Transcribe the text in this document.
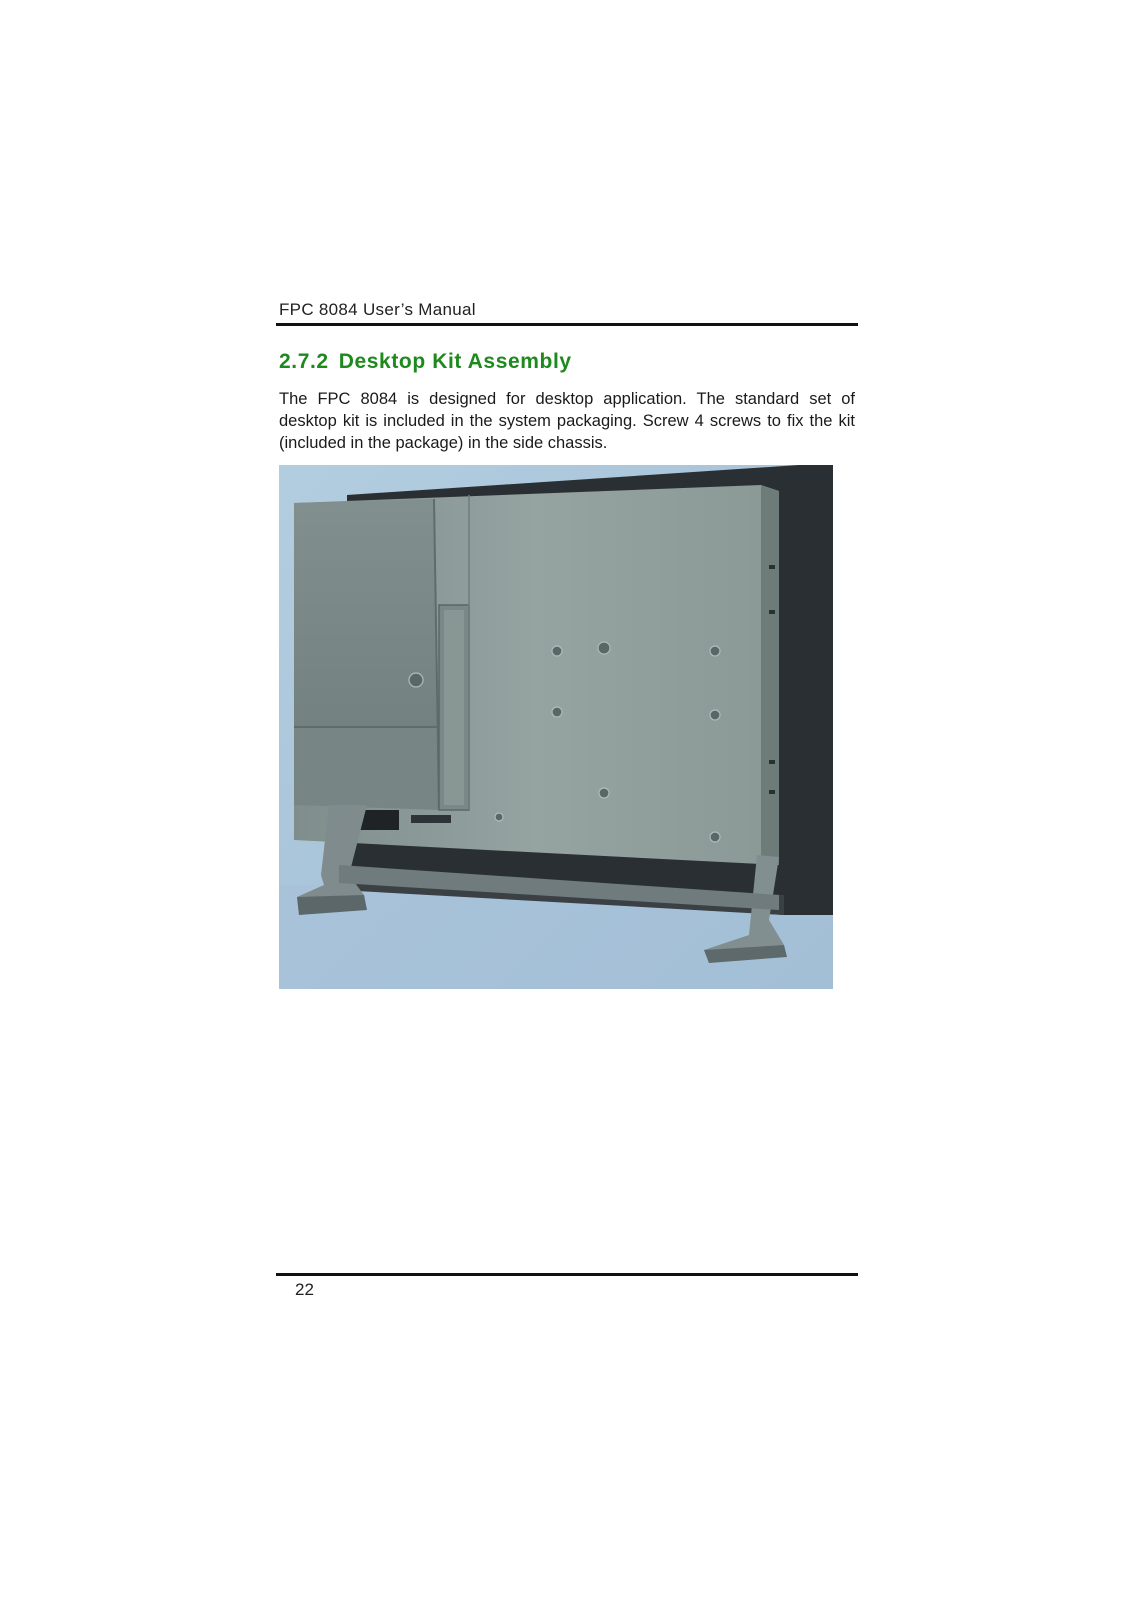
FPC 8084 User’s Manual
2.7.2 Desktop Kit Assembly

The FPC 8084 is designed for desktop application. The standard set of desktop kit is included in the system packaging. Screw 4 screws to fix the kit (included in the package) in the side chassis.

22
